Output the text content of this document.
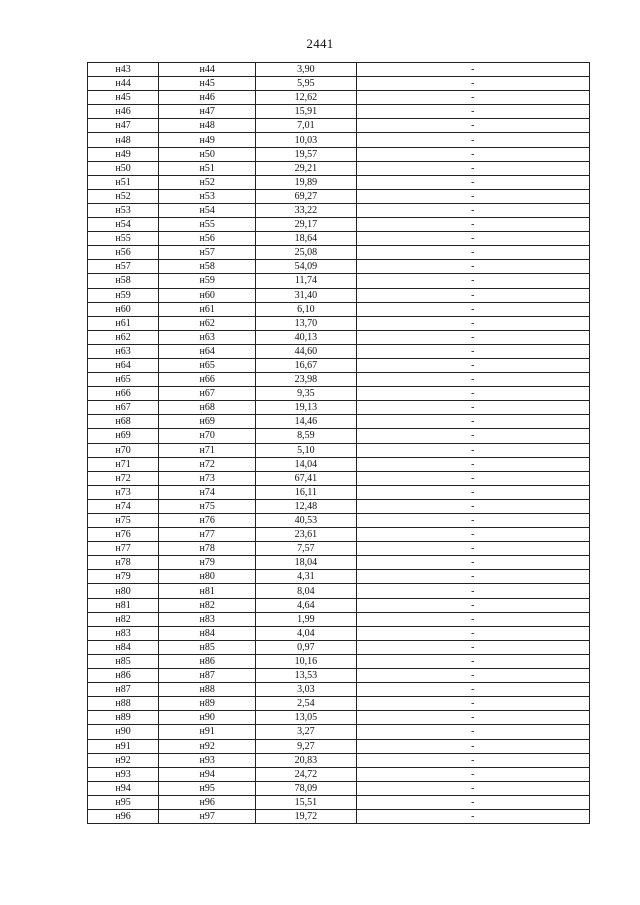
2441
н43	н44	3,90	-
н44	н45	5,95	-
н45	н46	12,62	-
н46	н47	15,91	-
н47	н48	7,01	-
н48	н49	10,03	-
н49	н50	19,57	-
н50	н51	29,21	-
н51	н52	19,89	-
н52	н53	69,27	-
н53	н54	33,22	-
н54	н55	29,17	-
н55	н56	18,64	-
н56	н57	25,08	-
н57	н58	54,09	-
н58	н59	11,74	-
н59	н60	31,40	-
н60	н61	6,10	-
н61	н62	13,70	-
н62	н63	40,13	-
н63	н64	44,60	-
н64	н65	16,67	-
н65	н66	23,98	-
н66	н67	9,35	-
н67	н68	19,13	-
н68	н69	14,46	-
н69	н70	8,59	-
н70	н71	5,10	-
н71	н72	14,04	-
н72	н73	67,41	-
н73	н74	16,11	-
н74	н75	12,48	-
н75	н76	40,53	-
н76	н77	23,61	-
н77	н78	7,57	-
н78	н79	18,04	-
н79	н80	4,31	-
н80	н81	8,04	-
н81	н82	4,64	-
н82	н83	1,99	-
н83	н84	4,04	-
н84	н85	0,97	-
н85	н86	10,16	-
н86	н87	13,53	-
н87	н88	3,03	-
н88	н89	2,54	-
н89	н90	13,05	-
н90	н91	3,27	-
н91	н92	9,27	-
н92	н93	20,83	-
н93	н94	24,72	-
н94	н95	78,09	-
н95	н96	15,51	-
н96	н97	19,72	-
